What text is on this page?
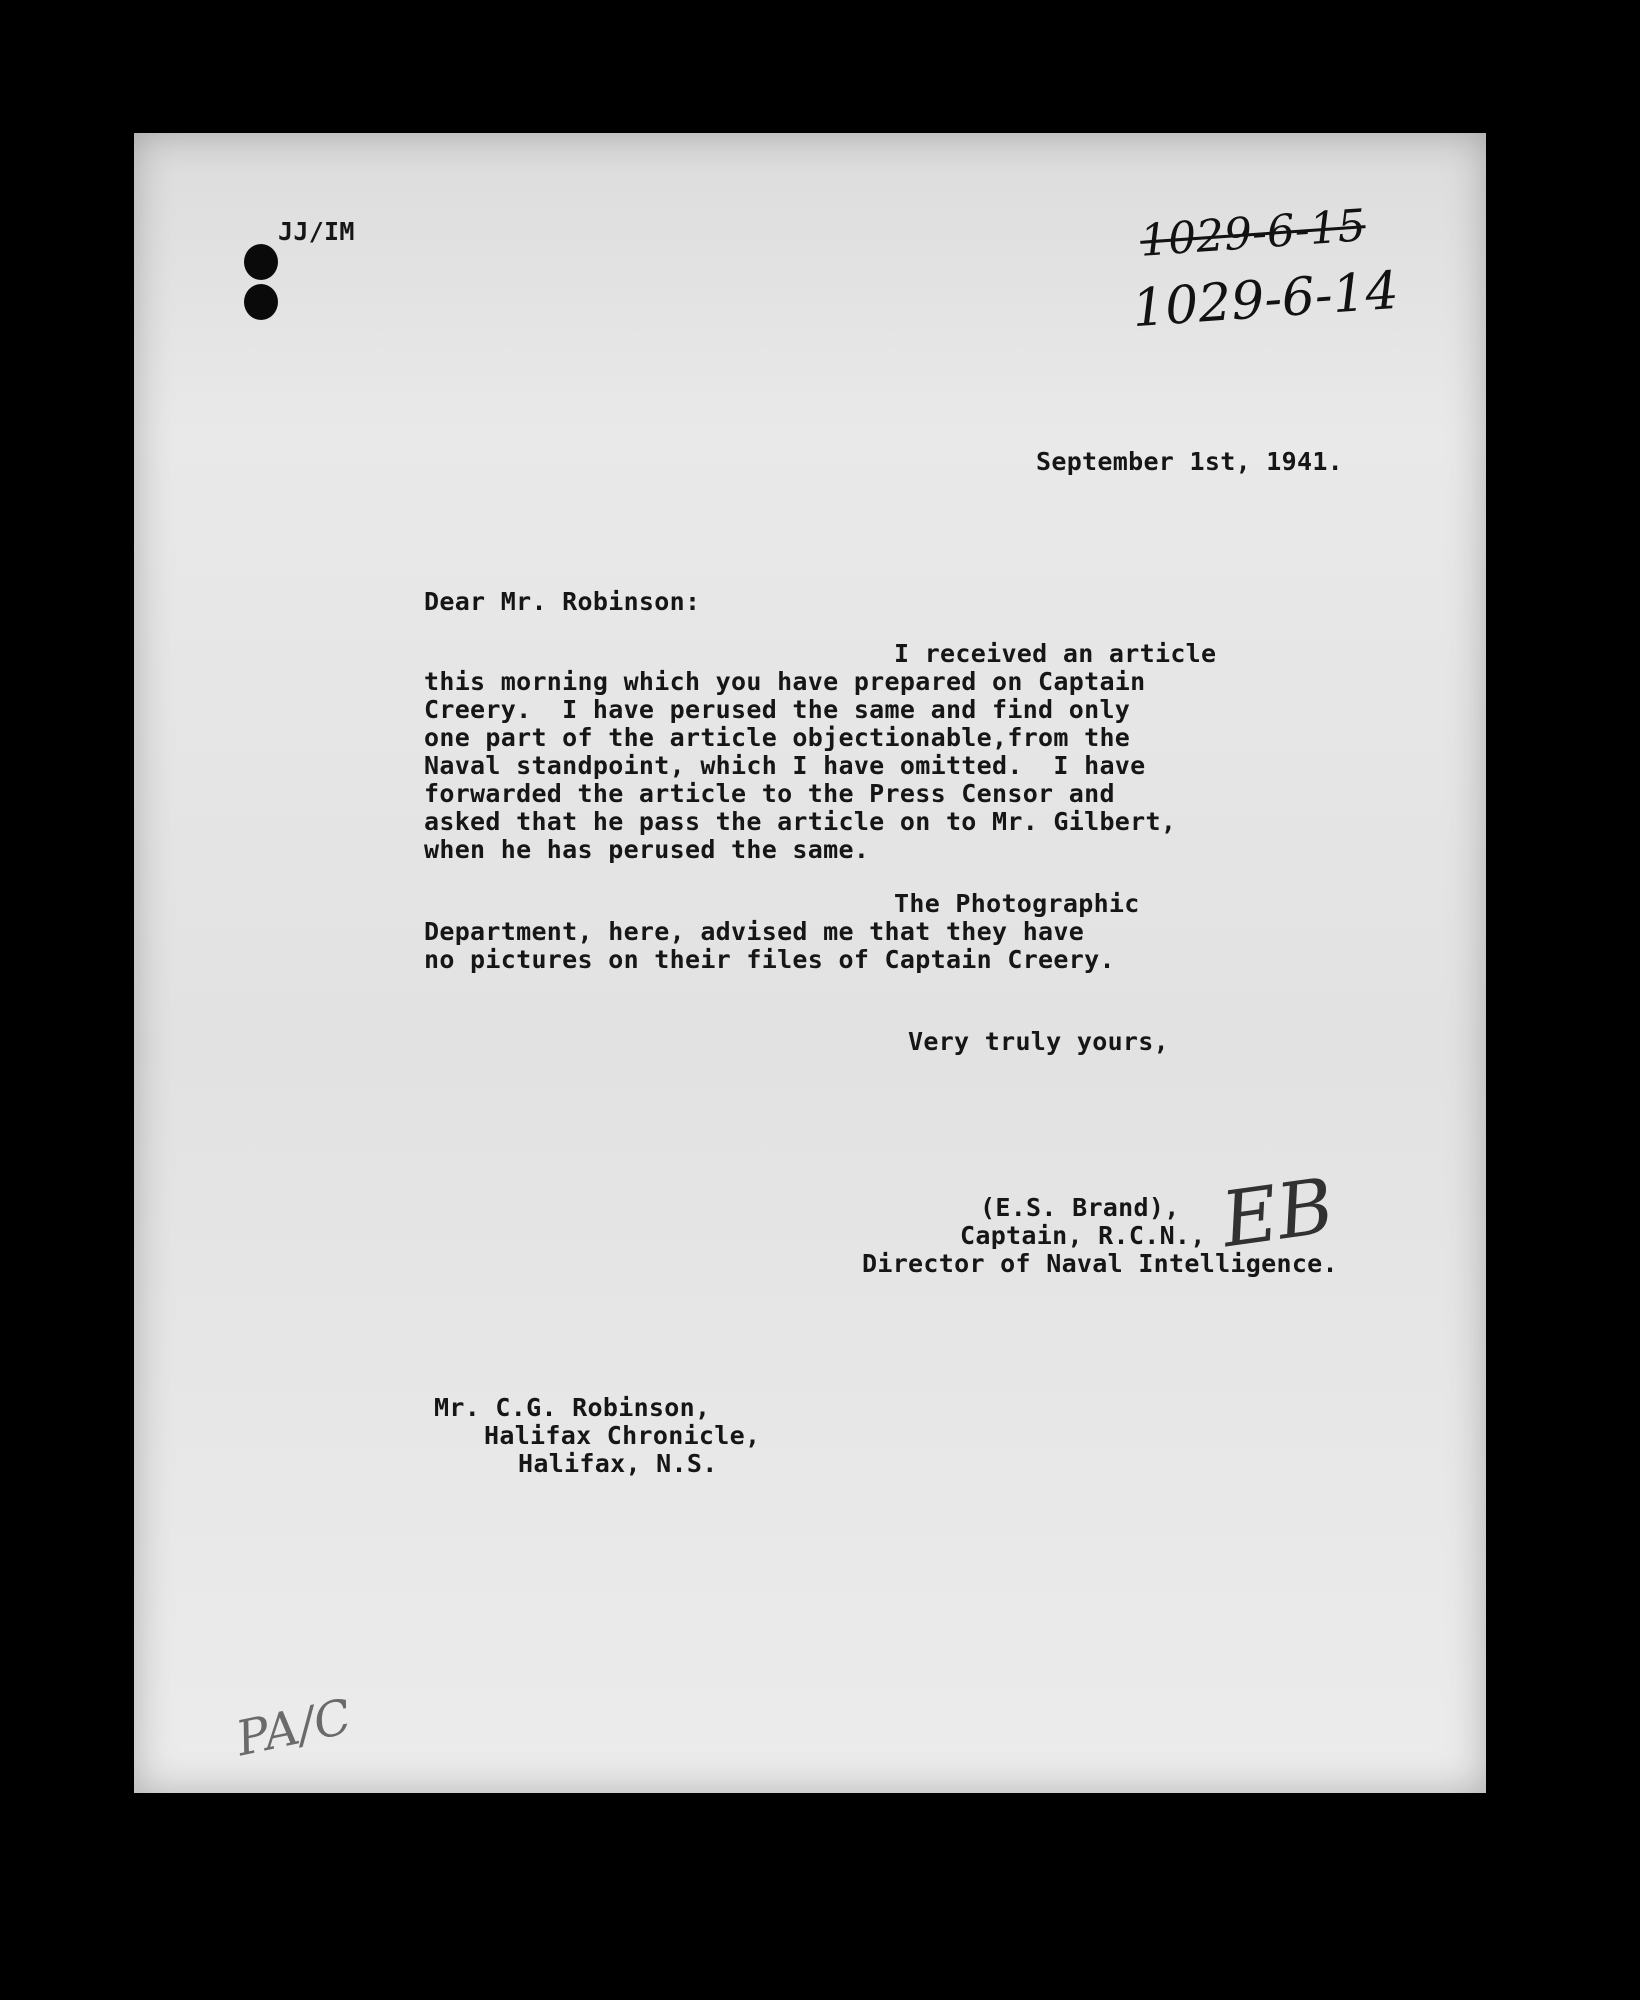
JJ/IM	1029-6-15
1029-6-14
September 1st, 1941.
Dear Mr. Robinson:
I received an article
this morning which you have prepared on Captain
Creery.  I have perused the same and find only
one part of the article objectionable,from the
Naval standpoint, which I have omitted.  I have
forwarded the article to the Press Censor and
asked that he pass the article on to Mr. Gilbert,
when he has perused the same.
The Photographic
Department, here, advised me that they have
no pictures on their files of Captain Creery.
Very truly yours,
(E.S. Brand),
Captain, R.C.N.,
Director of Naval Intelligence.
EB
Mr. C.G. Robinson,
Halifax Chronicle,
Halifax, N.S.
PA/C
